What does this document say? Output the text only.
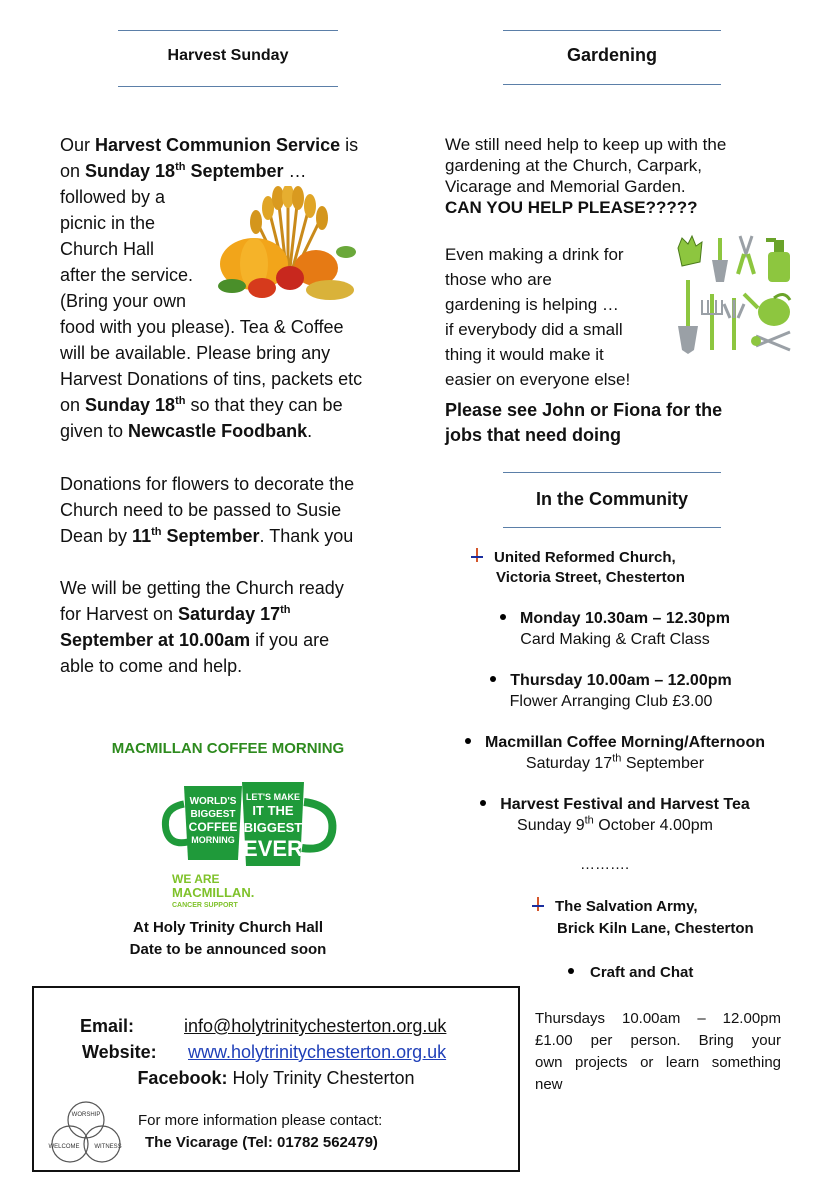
Harvest Sunday
Our Harvest Communion Service is
on Sunday 18th September …
followed by a
picnic in the
Church Hall
after the service.
(Bring your own
food with you please). Tea & Coffee
will be available. Please bring any
Harvest Donations of tins, packets etc
on Sunday 18th so that they can be
given to Newcastle Foodbank.
Donations for flowers to decorate the
Church need to be passed to Susie
Dean by 11th September. Thank you
We will be getting the Church ready
for Harvest on Saturday 17th
September at 10.00am if you are
able to come and help.
MACMILLAN COFFEE MORNING
WORLD'S
BIGGEST
COFFEE
MORNING
LET'S MAKE
IT THE
BIGGEST
EVER
WE ARE
MACMILLAN.
CANCER SUPPORT
At Holy Trinity Church Hall
Date to be announced soon
Email:	info@holytrinitychesterton.org.uk
Website: www.holytrinitychesterton.org.uk
Facebook: Holy Trinity Chesterton
WORSHIP
WELCOME WITNESS
For more information please contact:
The Vicarage (Tel: 01782 562479)
Gardening
We still need help to keep up with the
gardening at the Church, Carpark,
Vicarage and Memorial Garden.
CAN YOU HELP PLEASE?????
Even making a drink for
those who are
gardening is helping …
if everybody did a small
thing it would make it
easier on everyone else!
Please see John or Fiona for the
jobs that need doing
In the Community
United Reformed Church,
Victoria Street, Chesterton
Monday 10.30am – 12.30pm
Card Making & Craft Class
Thursday 10.00am – 12.00pm
Flower Arranging Club £3.00
Macmillan Coffee Morning/Afternoon
Saturday 17th September
Harvest Festival and Harvest Tea
Sunday 9th October 4.00pm
……….
The Salvation Army,
Brick Kiln Lane, Chesterton
Craft and Chat
Thursdays 10.00am – 12.00pm
£1.00 per person. Bring your
own projects or learn something
new
